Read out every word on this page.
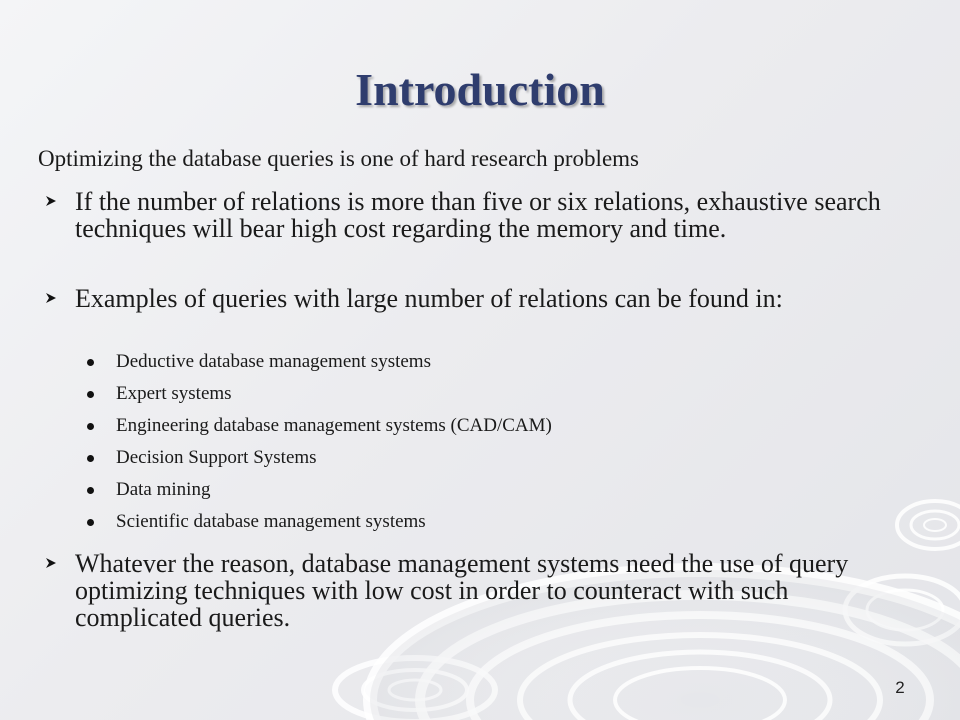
Introduction

Optimizing the database queries is one of hard research problems

If the number of relations is more than five or six relations, exhaustive search techniques will bear high cost regarding the memory and time.
Examples of queries with large number of relations can be found in:
Deductive database management systems
Expert systems
Engineering database management systems (CAD/CAM)
Decision Support Systems
Data mining
Scientific database management systems
Whatever the reason, database management systems need the use of query optimizing techniques with low cost in order to counteract with such complicated queries.
2
